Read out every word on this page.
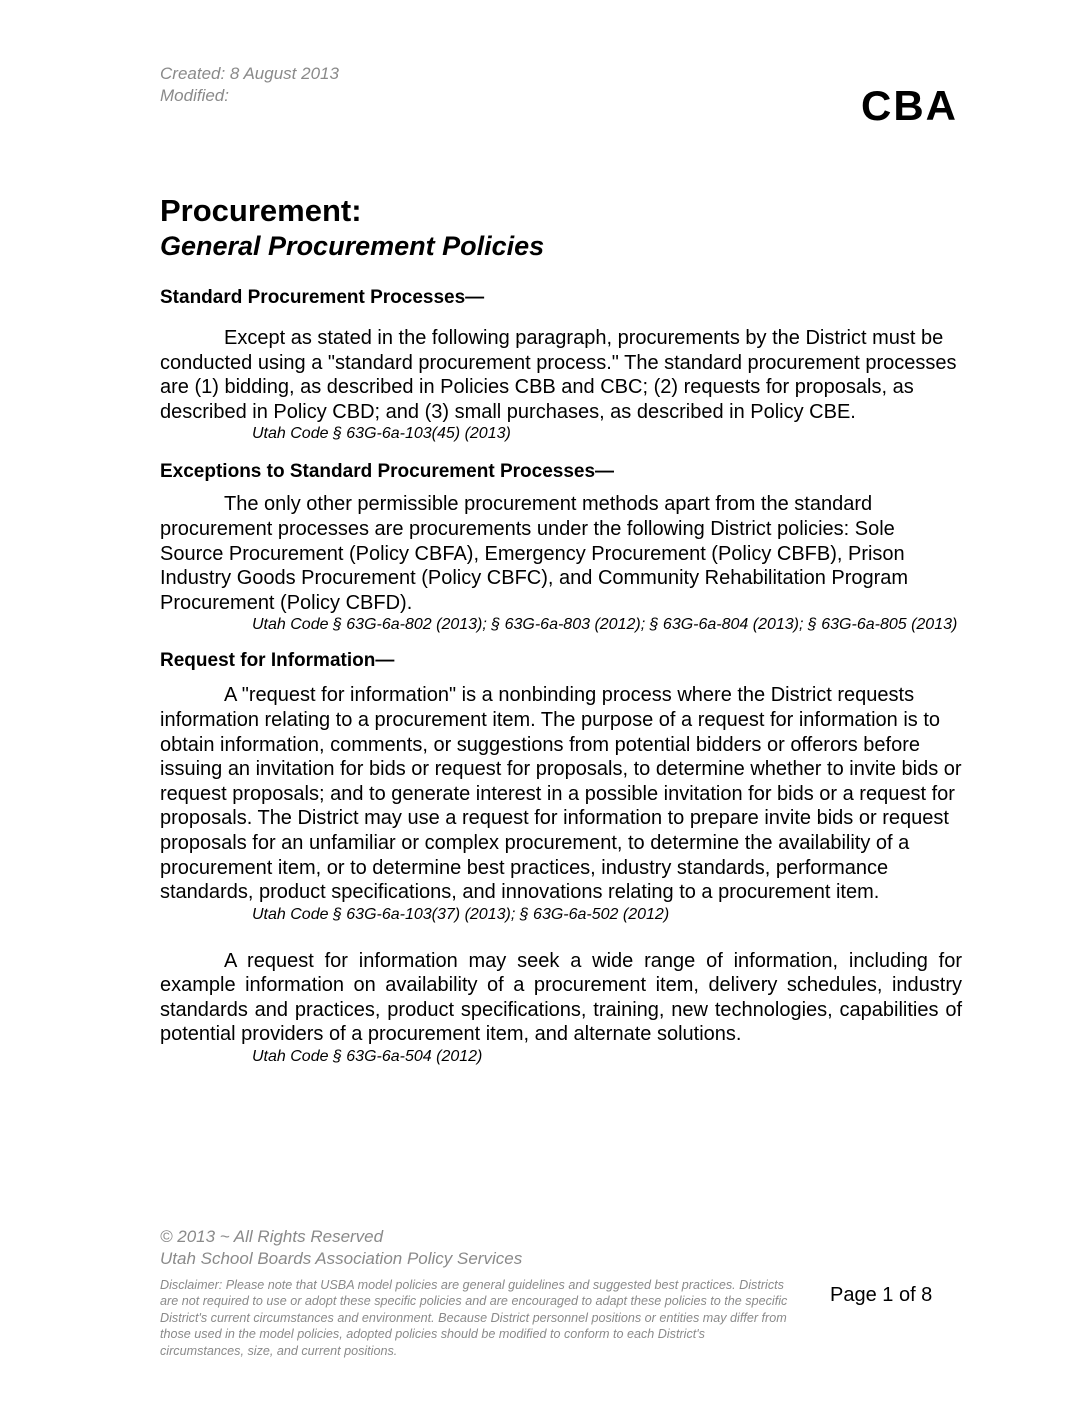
Created: 8 August 2013
Modified:	CBA
Procurement:
General Procurement Policies
Standard Procurement Processes—

Except as stated in the following paragraph, procurements by the District must be conducted using a "standard procurement process." The standard procurement processes are (1) bidding, as described in Policies CBB and CBC; (2) requests for proposals, as described in Policy CBD; and (3) small purchases, as described in Policy CBE.

Utah Code § 63G-6a-103(45) (2013)
Exceptions to Standard Procurement Processes—

The only other permissible procurement methods apart from the standard procurement processes are procurements under the following District policies: Sole Source Procurement (Policy CBFA), Emergency Procurement (Policy CBFB), Prison Industry Goods Procurement (Policy CBFC), and Community Rehabilitation Program Procurement (Policy CBFD).

Utah Code § 63G-6a-802 (2013); § 63G-6a-803 (2012); § 63G-6a-804 (2013); § 63G-6a-805 (2013)
Request for Information—

A "request for information" is a nonbinding process where the District requests information relating to a procurement item. The purpose of a request for information is to obtain information, comments, or suggestions from potential bidders or offerors before issuing an invitation for bids or request for proposals, to determine whether to invite bids or request proposals; and to generate interest in a possible invitation for bids or a request for proposals. The District may use a request for information to prepare invite bids or request proposals for an unfamiliar or complex procurement, to determine the availability of a procurement item, or to determine best practices, industry standards, performance standards, product specifications, and innovations relating to a procurement item.

Utah Code § 63G-6a-103(37) (2013); § 63G-6a-502 (2012)

A request for information may seek a wide range of information, including for example information on availability of a procurement item, delivery schedules, industry standards and practices, product specifications, training, new technologies, capabilities of potential providers of a procurement item, and alternate solutions.

Utah Code § 63G-6a-504 (2012)
© 2013 ~ All Rights Reserved
Utah School Boards Association Policy Services
Disclaimer: Please note that USBA model policies are general guidelines and suggested best practices. Districts are not required to use or adopt these specific policies and are encouraged to adapt these policies to the specific District's current circumstances and environment. Because District personnel positions or entities may differ from those used in the model policies, adopted policies should be modified to conform to each District's circumstances, size, and current positions.
Page 1 of 8
